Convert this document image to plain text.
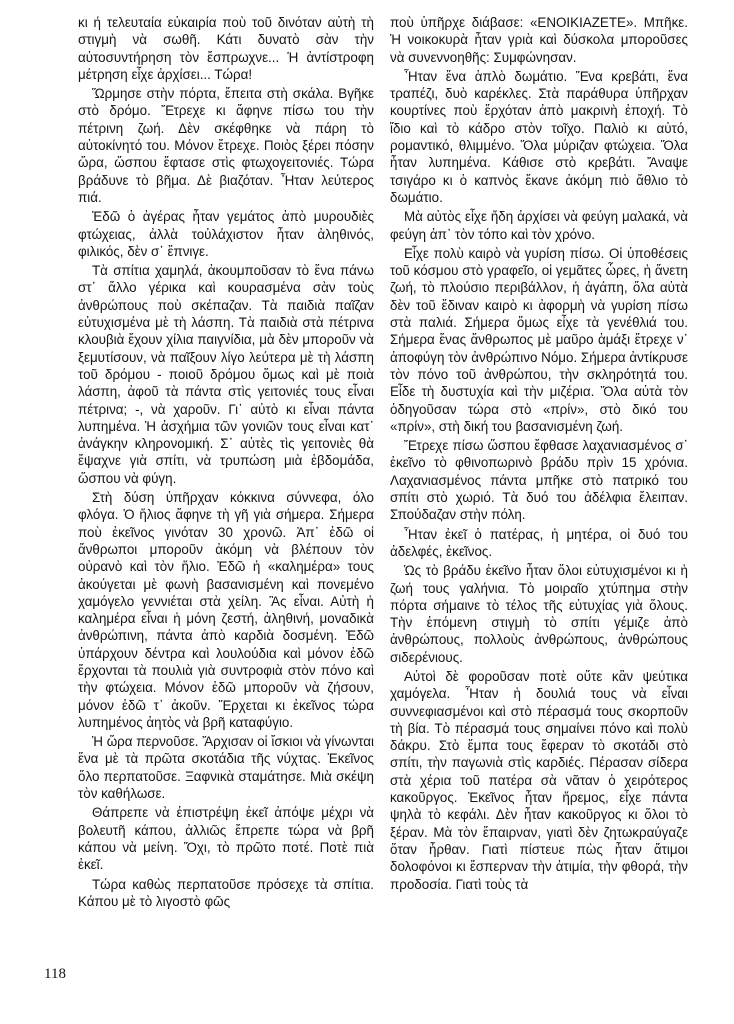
κι ή τελευταία εὐκαιρία ποὺ τοῦ δινόταν αὐτὴ τὴ στιγμὴ νὰ σωθῆ. Κάτι δυνατὸ σὰν τὴν αὐτοσυντήρηση τὸν ἔσπρωχνε... Ἡ ἀντίστροφη μέτρηση εἶχε ἀρχίσει... Τώρα!

Ὥρμησε στὴν πόρτα, ἔπειτα στὴ σκάλα. Βγῆκε στὸ δρόμο. Ἔτρεχε κι ἄφηνε πίσω του τὴν πέτρινη ζωή. Δὲν σκέφθηκε νὰ πάρη τὸ αὐτοκίνητό του. Μόνον ἔτρεχε. Ποιὸς ξέρει πόσην ὥρα, ὥσπου ἔφτασε στὶς φτωχογειτονιές. Τώρα βράδυνε τὸ βῆμα. Δὲ βιαζόταν. Ἦταν λεύτερος πιά.

Ἐδῶ ὁ ἀγέρας ἦταν γεμάτος ἀπὸ μυρουδιὲς φτώχειας, ἀλλὰ τοὐλάχιστον ἦταν ἀληθινός, φιλικός, δὲν σ᾿ ἔπνιγε.

Τὰ σπίτια χαμηλά, ἀκουμποῦσαν τὸ ἕνα πάνω στ᾿ ἄλλο γέρικα καὶ κουρασμένα σὰν τοὺς ἀνθρώπους ποὺ σκέπαζαν. Τὰ παιδιὰ παῖζαν εὐτυχισμένα μὲ τὴ λάσπη. Τὰ παιδιὰ στὰ πέτρινα κλουβιὰ ἔχουν χίλια παιγνίδια, μὰ δὲν μποροῦν νὰ ξεμυτίσουν, νὰ παῖξουν λίγο λεύτερα μὲ τὴ λάσπη τοῦ δρόμου - ποιοῦ δρόμου ὅμως καὶ μὲ ποιὰ λάσπη, ἀφοῦ τὰ πάντα στὶς γειτονιές τους εἶναι πέτρινα; -, νὰ χαροῦν. Γι᾿ αὐτὸ κι εἶναι πάντα λυπημένα. Ἡ ἀσχήμια τῶν γονιῶν τους εἶναι κατ᾿ ἀνάγκην κληρονομική. Σ᾿ αὐτὲς τὶς γειτονιὲς θὰ ἔψαχνε γιὰ σπίτι, νὰ τρυπώση μιὰ ἑβδομάδα, ὥσπου νὰ φύγη.

Στὴ δύση ὑπῆρχαν κόκκινα σύννεφα, όλο φλόγα. Ὁ ἥλιος ἄφηνε τὴ γῆ γιὰ σήμερα. Σήμερα ποὺ ἐκεῖνος γινόταν 30 χρονῶ. Ἀπ᾿ ἐδῶ οἱ ἄνθρωποι μποροῦν ἀκόμη νὰ βλέπουν τὸν οὐρανὸ καὶ τὸν ἥλιο. Ἐδῶ ἡ «καλημέρα» τους ἀκούγεται μὲ φωνὴ βασανισμένη καὶ πονεμένο χαμόγελο γεννιέται στὰ χείλη. Ἂς εἶναι. Αὐτὴ ἡ καλημέρα εἶναι ἡ μόνη ζεστή, ἀληθινή, μοναδικὰ ἀνθρώπινη, πάντα ἀπὸ καρδιὰ δοσμένη. Ἐδῶ ὑπάρχουν δέντρα καὶ λουλούδια καὶ μόνον ἐδῶ ἔρχονται τὰ πουλιὰ γιὰ συντροφιὰ στὸν πόνο καὶ τὴν φτώχεια. Μόνον ἐδῶ μποροῦν νὰ ζήσουν, μόνον ἐδῶ τ᾿ ἀκοῦν. Ἔρχεται κι ἐκεῖνος τώρα λυπημένος ἀητὸς νὰ βρῆ καταφύγιο.

Ἡ ὥρα περνοῦσε. Ἄρχισαν οἱ ἴσκιοι νὰ γίνωνται ἕνα μὲ τὰ πρῶτα σκοτάδια τῆς νύχτας. Ἐκεῖνος ὅλο περπατοῦσε. Ξαφνικὰ σταμάτησε. Μιὰ σκέψη τὸν καθήλωσε.

Θάπρεπε νὰ ἐπιστρέψη ἐκεῖ ἀπόψε μέχρι νὰ βολευτῆ κάπου, ἀλλιῶς ἔπρεπε τώρα νὰ βρῆ κάπου νὰ μείνη. Ὄχι, τὸ πρῶτο ποτέ. Ποτὲ πιὰ ἐκεῖ.

Τώρα καθὼς περπατοῦσε πρόσεχε τὰ σπίτια. Κάπου μὲ τὸ λιγοστὸ φῶς

ποὺ ὑπῆρχε διάβασε: «ΕΝΟΙΚΙΑΖΕΤΕ». Μπῆκε. Ἡ νοικοκυρὰ ἦταν γριὰ καὶ δύσκολα μποροῦσες νὰ συνεννοηθῆς: Συμφώνησαν.

Ἦταν ἕνα ἁπλὸ δωμάτιο. Ἕνα κρεβάτι, ἕνα τραπέζι, δυὸ καρέκλες. Στὰ παράθυρα ὑπῆρχαν κουρτίνες ποὺ ἔρχόταν ἀπὸ μακρινὴ ἐποχή. Τὸ ἴδιο καὶ τὸ κάδρο στὸν τοῖχο. Παλιὸ κι αὐτό, ρομαντικό, θλιμμένο. Ὅλα μύριζαν φτώχεια. Ὅλα ἦταν λυπημένα. Κάθισε στὸ κρεβάτι. Ἄναψε τσιγάρο κι ὁ καπνὸς ἔκανε ἀκόμη πιὸ ἄθλιο τὸ δωμάτιο.

Μὰ αὐτὸς εἶχε ἤδη ἀρχίσει νὰ φεύγη μαλακά, νὰ φεύγη ἀπ᾿ τὸν τόπο καὶ τὸν χρόνο.

Εἶχε πολὺ καιρὸ νὰ γυρίση πίσω. Οἱ ὑποθέσεις τοῦ κόσμου στὸ γραφεῖο, οἱ γεμᾶτες ὧρες, ἡ ἄνετη ζωή, τὸ πλούσιο περιβάλλον, ἡ ἀγάπη, ὅλα αὐτὰ δὲν τοῦ ἔδιναν καιρὸ κι ἀφορμὴ νὰ γυρίση πίσω στὰ παλιά. Σήμερα ὅμως εἶχε τὰ γενέθλιά του. Σήμερα ἕνας ἄνθρωπος μὲ μαῦρο ἁμάξι ἔτρεχε ν᾿ ἀποφύγη τὸν ἀνθρώπινο Νόμο. Σήμερα ἀντίκρυσε τὸν πόνο τοῦ ἀνθρώπου, τὴν σκληρότητά του. Εἶδε τὴ δυστυχία καὶ τὴν μιζέρια. Ὅλα αὐτὰ τὸν ὁδηγοῦσαν τώρα στὸ «πρίν», στὸ δικό του «πρίν», στὴ δική του βασανισμένη ζωή.

Ἔτρεχε πίσω ὥσπου ἔφθασε λαχανιασμένος σ᾿ ἐκεῖνο τὸ φθινοπωρινὸ βράδυ πρὶν 15 χρόνια. Λαχανιασμένος πάντα μπῆκε στὸ πατρικό του σπίτι στὸ χωριό. Τὰ δυό του ἀδέλφια ἔλειπαν. Σπούδαζαν στὴν πόλη.

Ἦταν ἐκεῖ ὁ πατέρας, ἡ μητέρα, οἱ δυό του ἀδελφές, ἐκεῖνος.

Ὡς τὸ βράδυ ἐκεῖνο ἦταν ὅλοι εὐτυχισμένοι κι ἡ ζωή τους γαλήνια. Τὸ μοιραῖο χτύπημα στὴν πόρτα σήμαινε τὸ τέλος τῆς εὐτυχίας γιὰ ὅλους. Τὴν ἑπόμενη στιγμὴ τὸ σπίτι γέμιζε ἀπὸ ἀνθρώπους, πολλοὺς ἀνθρώπους, ἀνθρώπους σιδερένιους.

Αὐτοὶ δὲ φοροῦσαν ποτὲ οὔτε κἂν ψεύτικα χαμόγελα. Ἦταν ἡ δουλιά τους νὰ εἶναι συννεφιασμένοι καὶ στὸ πέρασμά τους σκορποῦν τὴ βία. Τὸ πέρασμά τους σημαίνει πόνο καὶ πολὺ δάκρυ. Στὸ ἔμπα τους ἔφεραν τὸ σκοτάδι στὸ σπίτι, τὴν παγωνιὰ στὶς καρδιές. Πέρασαν σίδερα στὰ χέρια τοῦ πατέρα σὰ νᾶταν ὁ χειρότερος κακοῦργος. Ἐκεῖνος ἦταν ἤρεμος, εἶχε πάντα ψηλὰ τὸ κεφάλι. Δὲν ἦταν κακοῦργος κι ὅλοι τὸ ξέραν. Μὰ τὸν ἔπαιρναν, γιατὶ δὲν ζητωκραύγαζε ὅταν ἦρθαν. Γιατὶ πίστευε πὼς ἦταν ἄτιμοι δολοφόνοι κι ἔσπερναν τὴν ἀτιμία, τὴν φθορά, τὴν προδοσία. Γιατὶ τοὺς τὰ

118
